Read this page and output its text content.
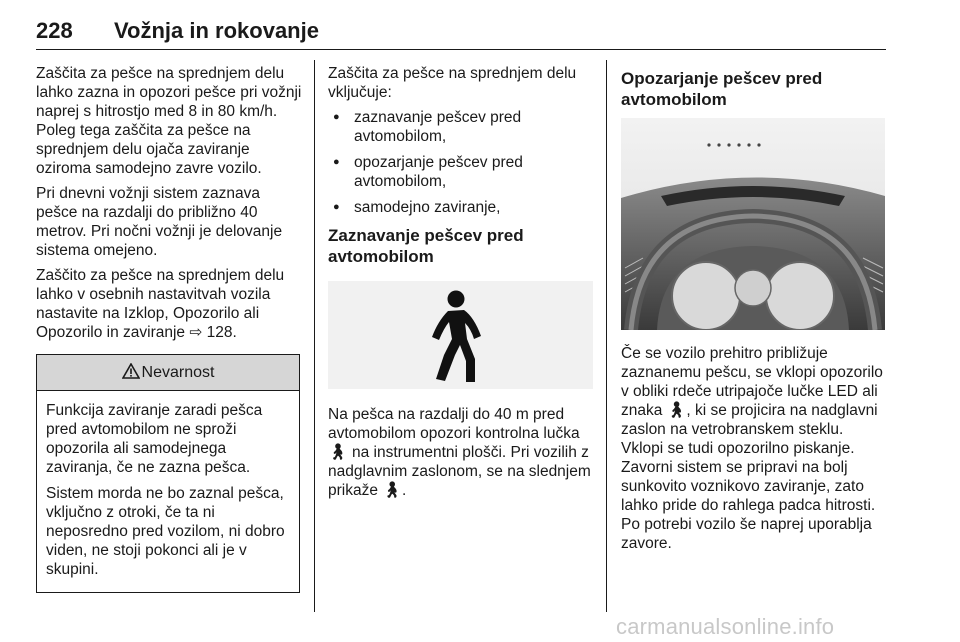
228 Vožnja in rokovanje

Zaščita za pešce na sprednjem delu lahko zazna in opozori pešce pri vožnji naprej s hitrostjo med 8 in 80 km/h. Poleg tega zaščita za pešce na sprednjem delu ojača zaviranje oziroma samodejno zavre vozilo.

Pri dnevni vožnji sistem zaznava pešce na razdalji do približno 40 metrov. Pri nočni vožnji je delovanje sistema omejeno.

Zaščito za pešce na sprednjem delu lahko v osebnih nastavitvah vozila nastavite na Izklop, Opozorilo ali Opozorilo in zaviranje ⇨ 128.

Nevarnost

Funkcija zaviranje zaradi pešca pred avtomobilom ne sproži opozorila ali samodejnega zaviranja, če ne zazna pešca.

Sistem morda ne bo zaznal pešca, vključno z otroki, če ta ni neposredno pred vozilom, ni dobro viden, ne stoji pokonci ali je v skupini.

Zaščita za pešce na sprednjem delu vključuje:

● zaznavanje pešcev pred avtomobilom,
● opozarjanje pešcev pred avtomobilom,
● samodejno zaviranje,
Zaznavanje pešcev pred avtomobilom

Na pešca na razdalji do 40 m pred avtomobilom opozori kontrolna lučka 🚶︎ na instrumentni plošči. Pri vozilih z nadglavnim zaslonom, se na slednjem prikaže 🚶︎.

Opozarjanje pešcev pred avtomobilom

Če se vozilo prehitro približuje zaznanemu pešcu, se vklopi opozorilo v obliki rdeče utripajoče lučke LED ali znaka 🚶︎, ki se projicira na nadglavni zaslon na vetrobranskem steklu. Vklopi se tudi opozorilno piskanje. Zavorni sistem se pripravi na bolj sunkovito voznikovo zaviranje, zato lahko pride do rahlega padca hitrosti. Po potrebi vozilo še naprej uporablja zavore.

carmanualsonline.info
